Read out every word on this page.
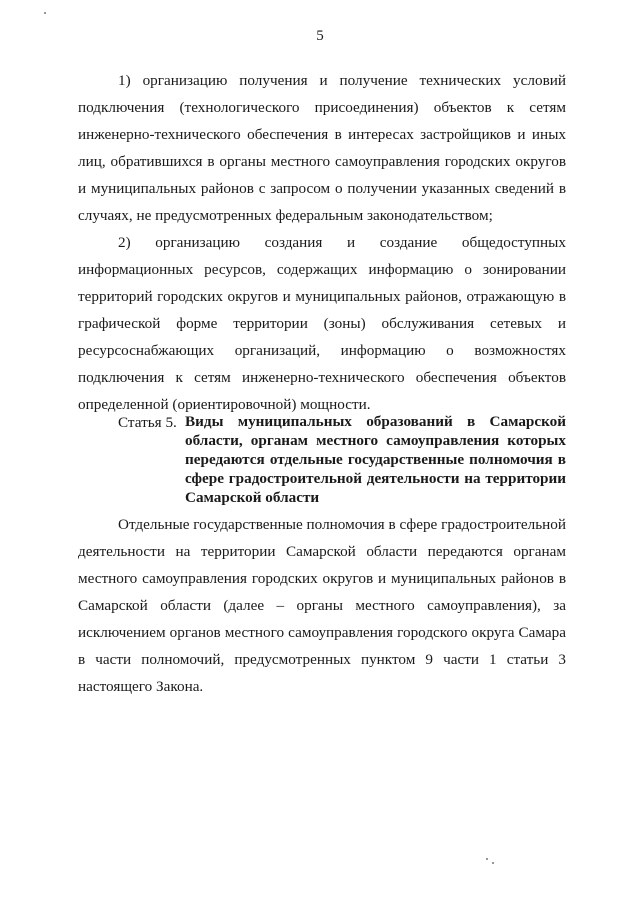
5
1) организацию получения и получение технических условий
подключения (технологического присоединения) объектов к сетям
инженерно-технического обеспечения в интересах застройщиков и иных
лиц, обратившихся в органы местного самоуправления городских округов
и муниципальных районов с запросом о получении указанных сведений в
случаях, не предусмотренных федеральным законодательством;
2) организацию создания и создание общедоступных
информационных ресурсов, содержащих информацию о зонировании
территорий городских округов и муниципальных районов, отражающую в
графической форме территории (зоны) обслуживания сетевых и
ресурсоснабжающих организаций, информацию о возможностях
подключения к сетям инженерно-технического обеспечения объектов
определенной (ориентировочной) мощности.
Статья 5. Виды муниципальных образований в Самарской
области, органам местного самоуправления которых
передаются отдельные государственные полномочия в
сфере градостроительной деятельности на территории
Самарской области
Отдельные государственные полномочия в сфере градостроительной
деятельности на территории Самарской области передаются органам
местного самоуправления городских округов и муниципальных районов в
Самарской области (далее – органы местного самоуправления), за
исключением органов местного самоуправления городского округа Самара
в части полномочий, предусмотренных пунктом 9 части 1 статьи 3
настоящего Закона.
